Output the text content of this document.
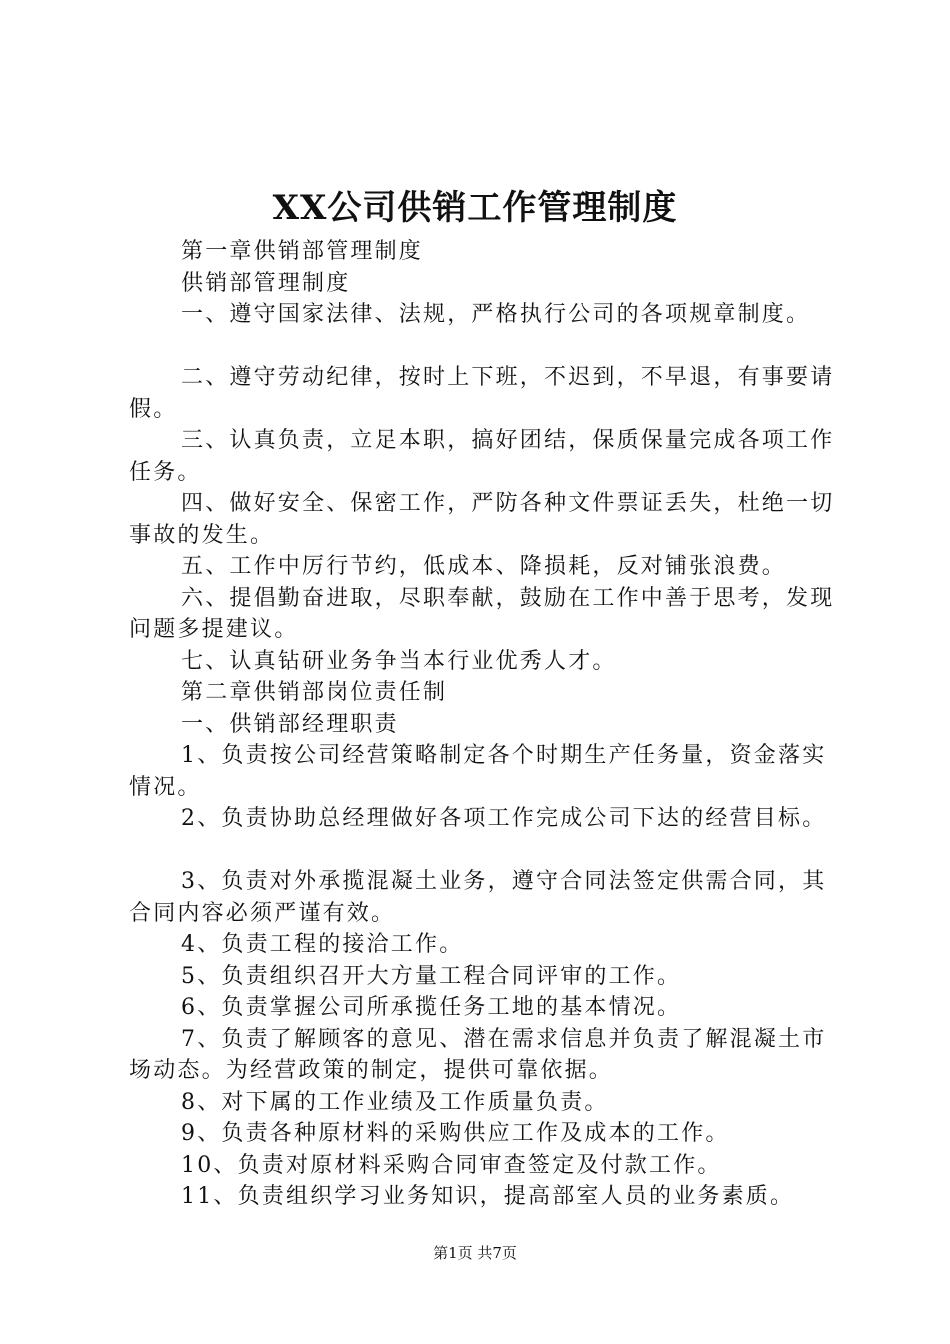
XX公司供销工作管理制度

第一章供销部管理制度

供销部管理制度

一、遵守国家法律、法规，严格执行公司的各项规章制度。

二、遵守劳动纪律，按时上下班，不迟到，不早退，有事要请假。

三、认真负责，立足本职，搞好团结，保质保量完成各项工作任务。

四、做好安全、保密工作，严防各种文件票证丢失，杜绝一切事故的发生。

五、工作中厉行节约，低成本、降损耗，反对铺张浪费。

六、提倡勤奋进取，尽职奉献，鼓励在工作中善于思考，发现问题多提建议。

七、认真钻研业务争当本行业优秀人才。

第二章供销部岗位责任制

一、供销部经理职责

1、负责按公司经营策略制定各个时期生产任务量，资金落实情况。

2、负责协助总经理做好各项工作完成公司下达的经营目标。

3、负责对外承揽混凝土业务，遵守合同法签定供需合同，其合同内容必须严谨有效。

4、负责工程的接洽工作。

5、负责组织召开大方量工程合同评审的工作。

6、负责掌握公司所承揽任务工地的基本情况。

7、负责了解顾客的意见、潜在需求信息并负责了解混凝土市场动态。为经营政策的制定，提供可靠依据。

8、对下属的工作业绩及工作质量负责。

9、负责各种原材料的采购供应工作及成本的工作。

10、负责对原材料采购合同审查签定及付款工作。

11、负责组织学习业务知识，提高部室人员的业务素质。

第1页 共7页
